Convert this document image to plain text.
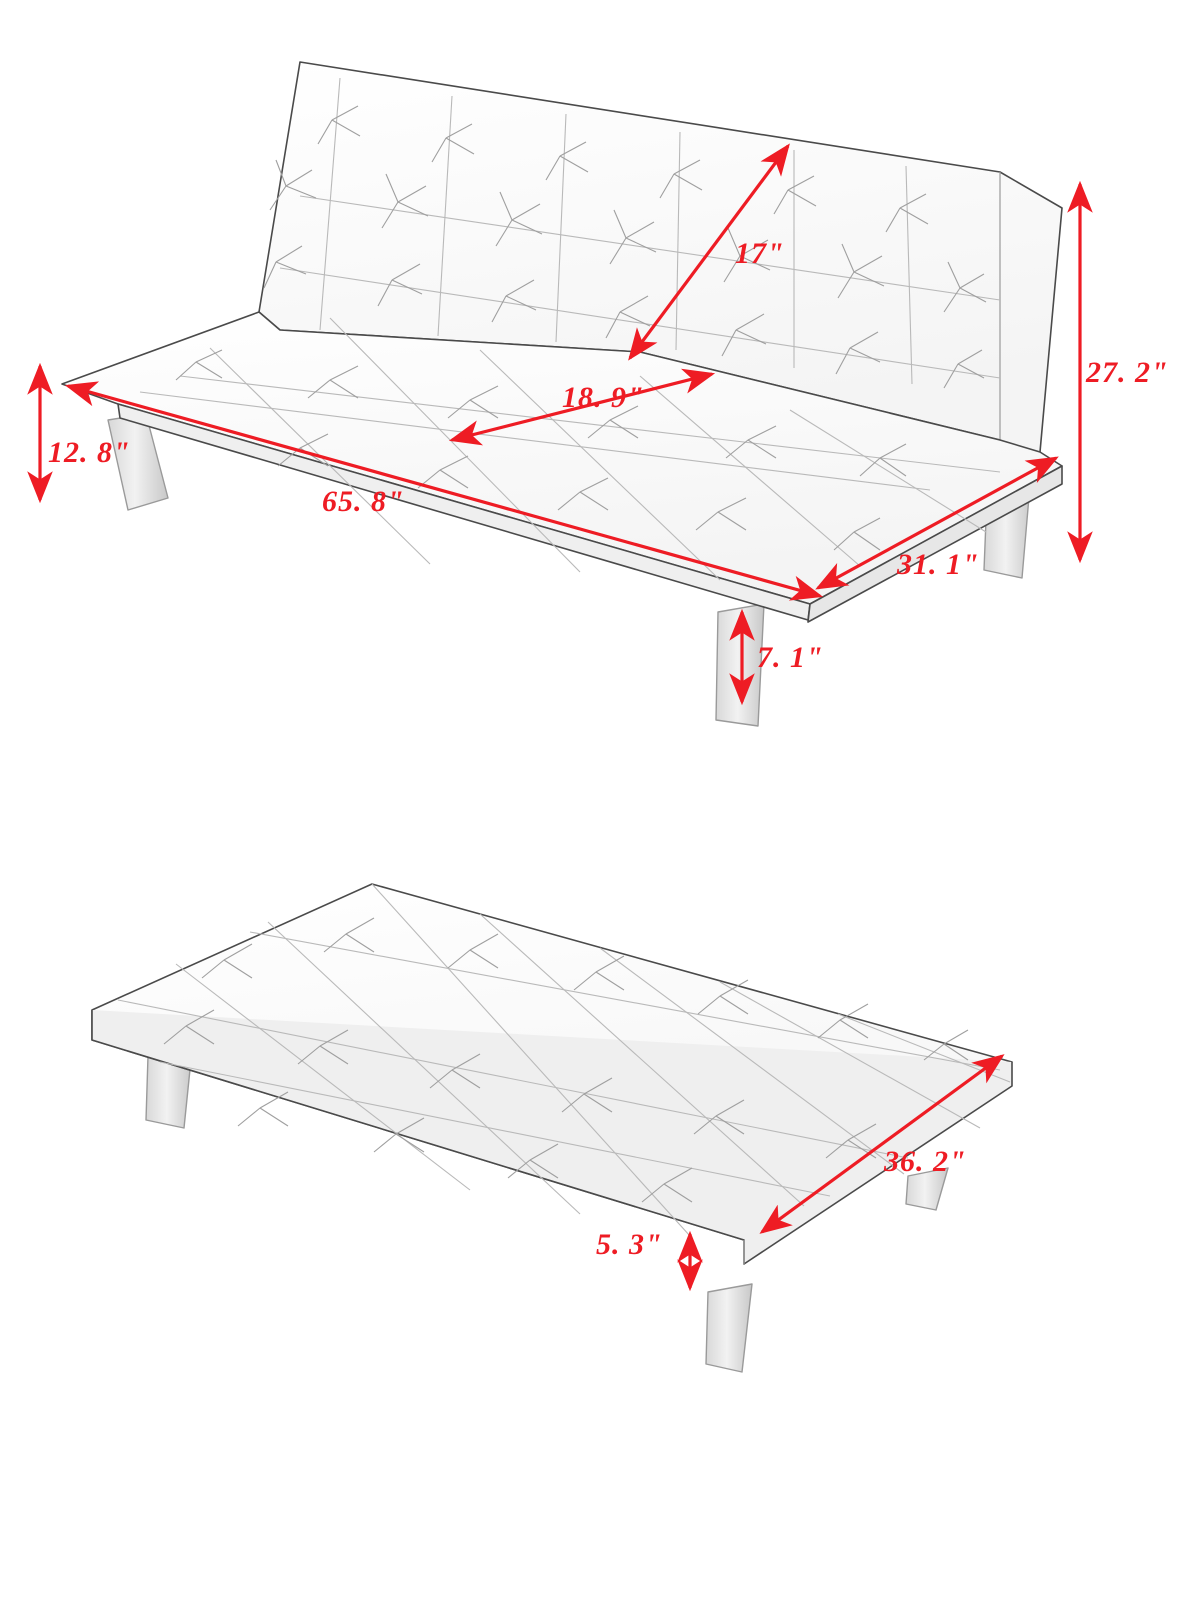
27. 2"
17"
18. 9"
12. 8"
65. 8"
31. 1"
7. 1"
36. 2"
5. 3"
